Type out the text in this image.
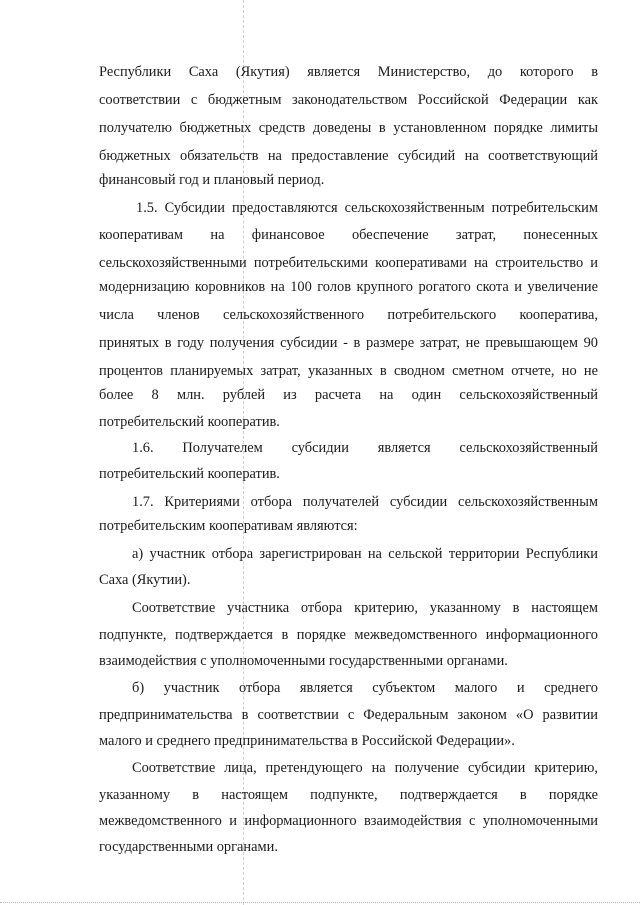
Республики Саха (Якутия) является Министерство, до которого в
соответствии с бюджетным законодательством Российской Федерации как
получателю бюджетных средств доведены в установленном порядке лимиты
бюджетных обязательств на предоставление субсидий на соответствующий
финансовый год и плановый период.
1.5. Субсидии предоставляются сельскохозяйственным потребительским
кооперативам на финансовое обеспечение затрат, понесенных
сельскохозяйственными потребительскими кооперативами на строительство и
модернизацию коровников на 100 голов крупного рогатого скота и увеличение
числа членов сельскохозяйственного потребительского кооператива,
принятых в году получения субсидии - в размере затрат, не превышающем 90
процентов планируемых затрат, указанных в сводном сметном отчете, но не
более 8 млн. рублей из расчета на один сельскохозяйственный
потребительский кооператив.
1.6. Получателем субсидии является сельскохозяйственный
потребительский кооператив.
1.7. Критериями отбора получателей субсидии сельскохозяйственным
потребительским кооперативам являются:
а) участник отбора зарегистрирован на сельской территории Республики
Саха (Якутии).
Соответствие участника отбора критерию, указанному в настоящем
подпункте, подтверждается в порядке межведомственного информационного
взаимодействия с уполномоченными государственными органами.
б) участник отбора является субъектом малого и среднего
предпринимательства в соответствии с Федеральным законом «О развитии
малого и среднего предпринимательства в Российской Федерации».
Соответствие лица, претендующего на получение субсидии критерию,
указанному в настоящем подпункте, подтверждается в порядке
межведомственного и информационного взаимодействия с уполномоченными
государственными органами.
